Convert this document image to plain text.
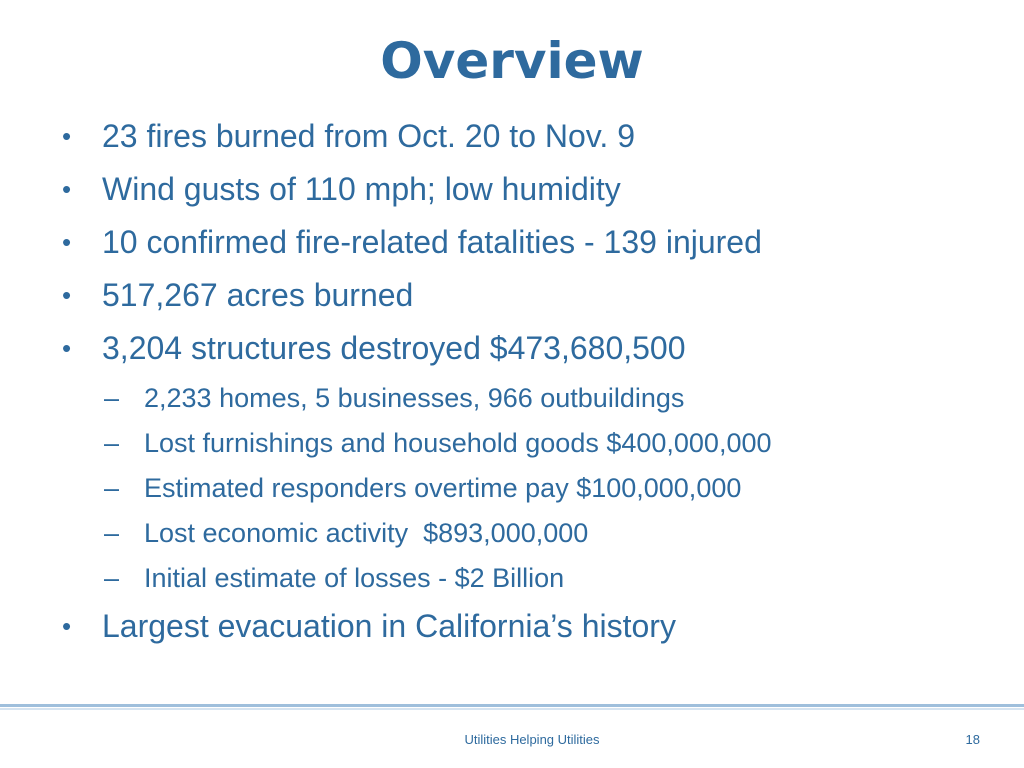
Overview
• 23 fires burned from Oct. 20 to Nov. 9
• Wind gusts of 110 mph; low humidity
• 10 confirmed fire-related fatalities - 139 injured
• 517,267 acres burned
• 3,204 structures destroyed $473,680,500
– 2,233 homes, 5 businesses, 966 outbuildings
– Lost furnishings and household goods $400,000,000
– Estimated responders overtime pay $100,000,000
– Lost economic activity  $893,000,000
– Initial estimate of losses - $2 Billion
• Largest evacuation in California’s history
Utilities Helping Utilities	18
